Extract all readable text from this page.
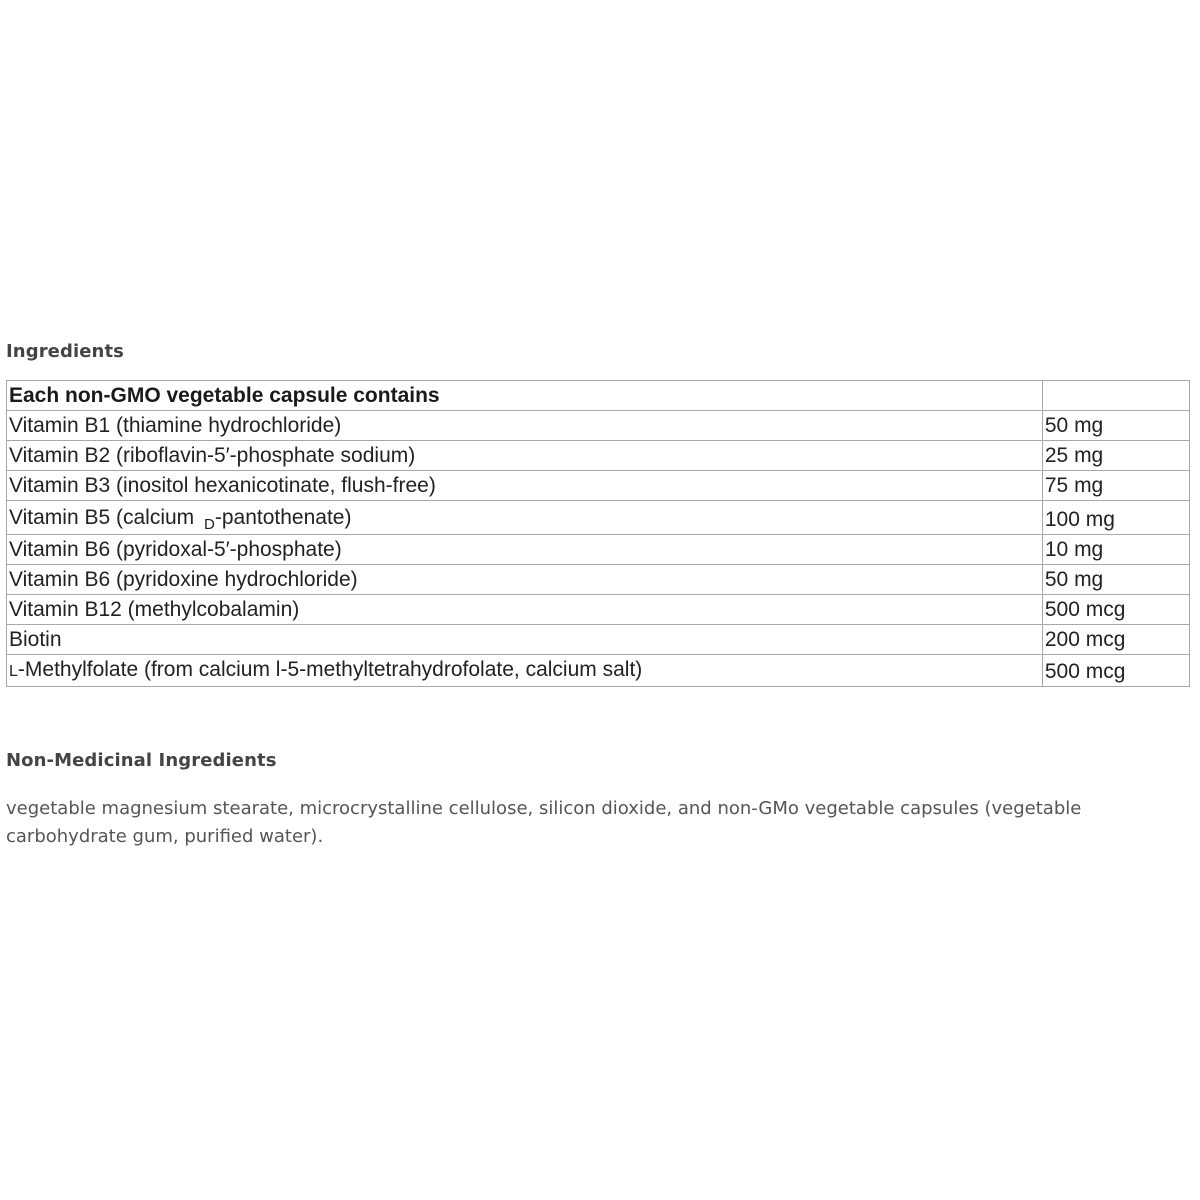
Ingredients
Each non-GMO vegetable capsule contains	
Vitamin B1 (thiamine hydrochloride)	50 mg
Vitamin B2 (riboflavin-5′-phosphate sodium)	25 mg
Vitamin B3 (inositol hexanicotinate, flush-free)	75 mg
Vitamin B5 (calcium $_D$-pantothenate)	100 mg
Vitamin B6 (pyridoxal-5′-phosphate)	10 mg
Vitamin B6 (pyridoxine hydrochloride)	50 mg
Vitamin B12 (methylcobalamin)	500 mcg
Biotin	200 mcg
L-Methylfolate (from calcium l-5-methyltetrahydrofolate, calcium salt)	500 mcg
Non-Medicinal Ingredients

vegetable magnesium stearate, microcrystalline cellulose, silicon dioxide, and non-GMo vegetable capsules (vegetable carbohydrate gum, purified water).
